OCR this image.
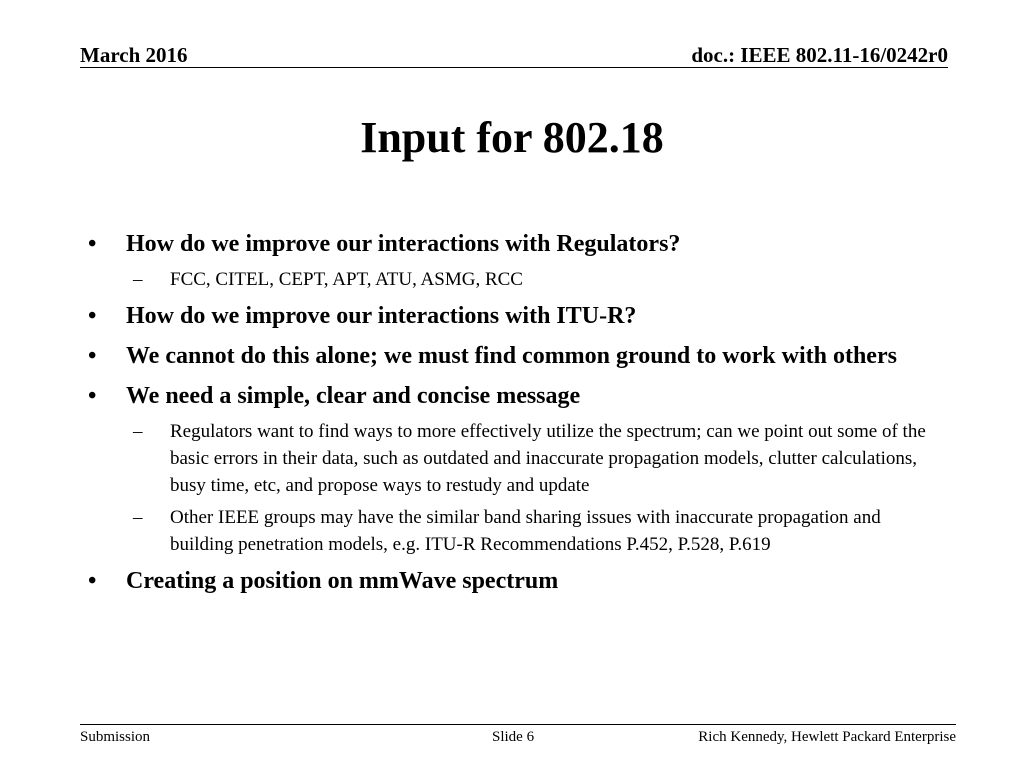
March 2016	doc.: IEEE 802.11-16/0242r0
Input for 802.18
• How do we improve our interactions with Regulators?
– FCC, CITEL, CEPT, APT, ATU, ASMG, RCC
• How do we improve our interactions with ITU-R?
• We cannot do this alone; we must find common ground to work with others
• We need a simple, clear and concise message
– Regulators want to find ways to more effectively utilize the spectrum; can we point out some of the basic errors in their data, such as outdated and inaccurate propagation models, clutter calculations, busy time, etc, and propose ways to restudy and update
– Other IEEE groups may have the similar band sharing issues with inaccurate propagation and building penetration models, e.g. ITU-R Recommendations P.452, P.528, P.619
• Creating a position on mmWave spectrum
Submission	Slide 6	Rich Kennedy, Hewlett Packard Enterprise
